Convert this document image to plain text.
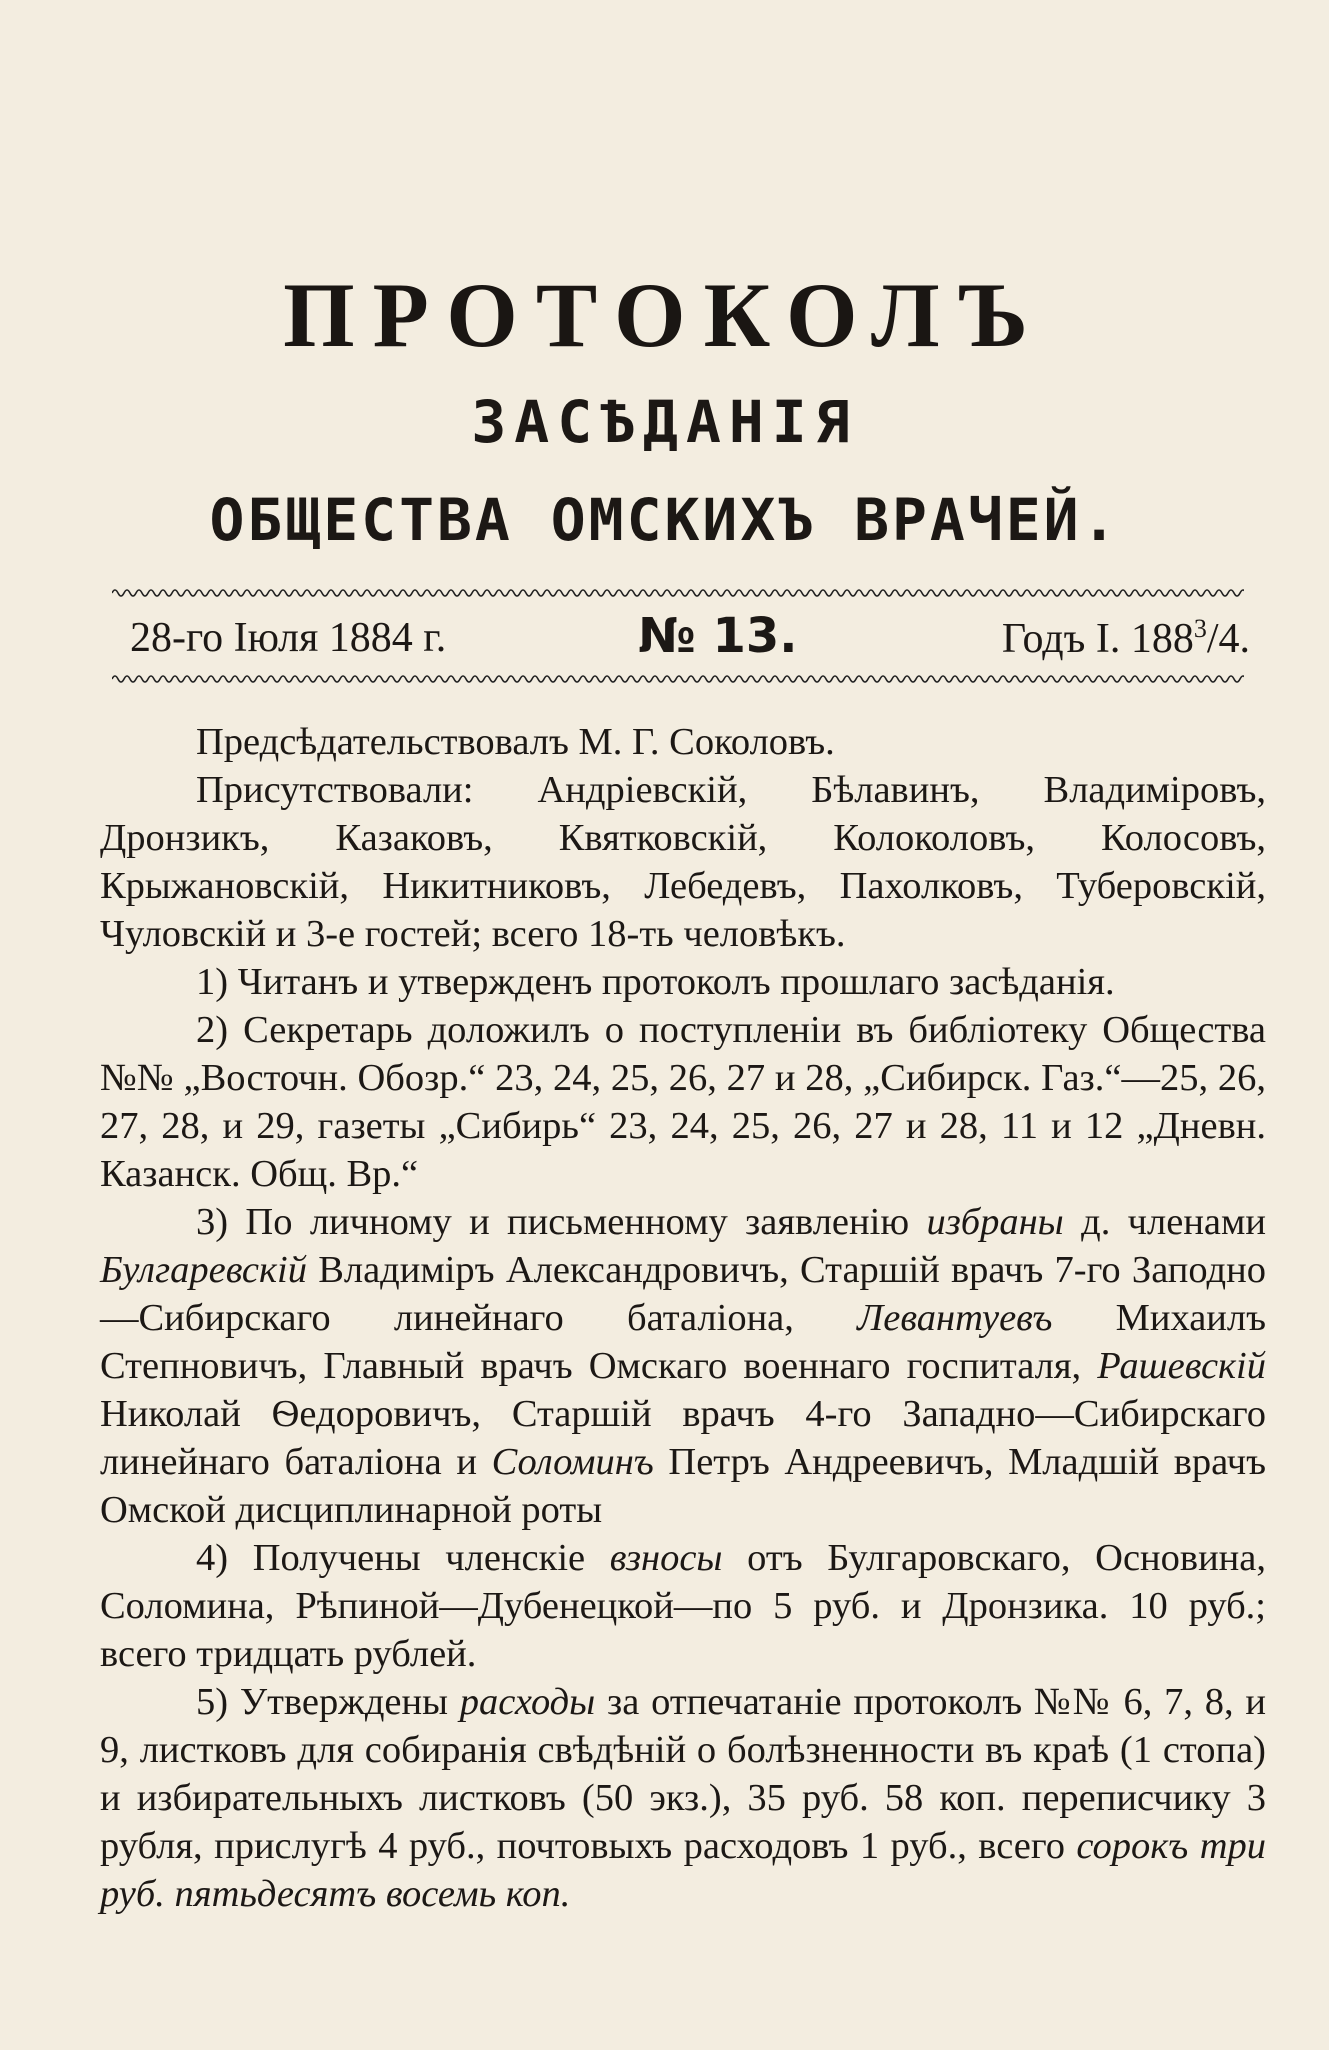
ПРОТОКОЛЪ
ЗАСѢДАНІЯ
ОБЩЕСТВА ОМСКИХЪ ВРАЧЕЙ.
28-го Іюля 1884 г.	№ 13.	Годъ I. $188^3/4$.

Предсѣдательствовалъ М. Г. Соколовъ.

Присутствовали: Андріевскій, Бѣлавинъ, Владиміровъ, Дронзикъ, Казаковъ, Квятковскій, Колоколовъ, Колосовъ, Крыжановскій, Никитниковъ, Лебедевъ, Пахолковъ, Туберовскій, Чуловскій и 3-е гостей; всего 18-ть человѣкъ.

1) Читанъ и утвержденъ протоколъ прошлаго засѣданія.

2) Секретарь доложилъ о поступленіи въ библіотеку Общества №№ „Восточн. Обозр.“ 23, 24, 25, 26, 27 и 28, „Сибирск. Газ.“—25, 26, 27, 28, и 29, газеты „Сибирь“ 23, 24, 25, 26, 27 и 28, 11 и 12 „Дневн. Казанск. Общ. Вр.“

3) По личному и письменному заявленію избраны д. членами Булгаревскій Владиміръ Александровичъ, Старшій врачъ 7-го Заподно—Сибирскаго линейнаго баталіона, Левантуевъ Михаилъ Степновичъ, Главный врачъ Омскаго военнаго госпиталя, Рашевскій Николай Ѳедоровичъ, Старшій врачъ 4-го Западно—Сибирскаго линейнаго баталіона и Соломинъ Петръ Андреевичъ, Младшій врачъ Омской дисциплинарной роты

4) Получены членскіе взносы отъ Булгаровскаго, Основина, Соломина, Рѣпиной—Дубенецкой—по 5 руб. и Дронзика. 10 руб.; всего тридцать рублей.

5) Утверждены расходы за отпечатаніе протоколъ №№ 6, 7, 8, и 9, листковъ для собиранія свѣдѣній о болѣзненности въ краѣ (1 стопа) и избирательныхъ листковъ (50 экз.), 35 руб. 58 коп. переписчику 3 рубля, прислугѣ 4 руб., почтовыхъ расходовъ 1 руб., всего сорокъ три руб. пятьдесятъ восемь коп.
